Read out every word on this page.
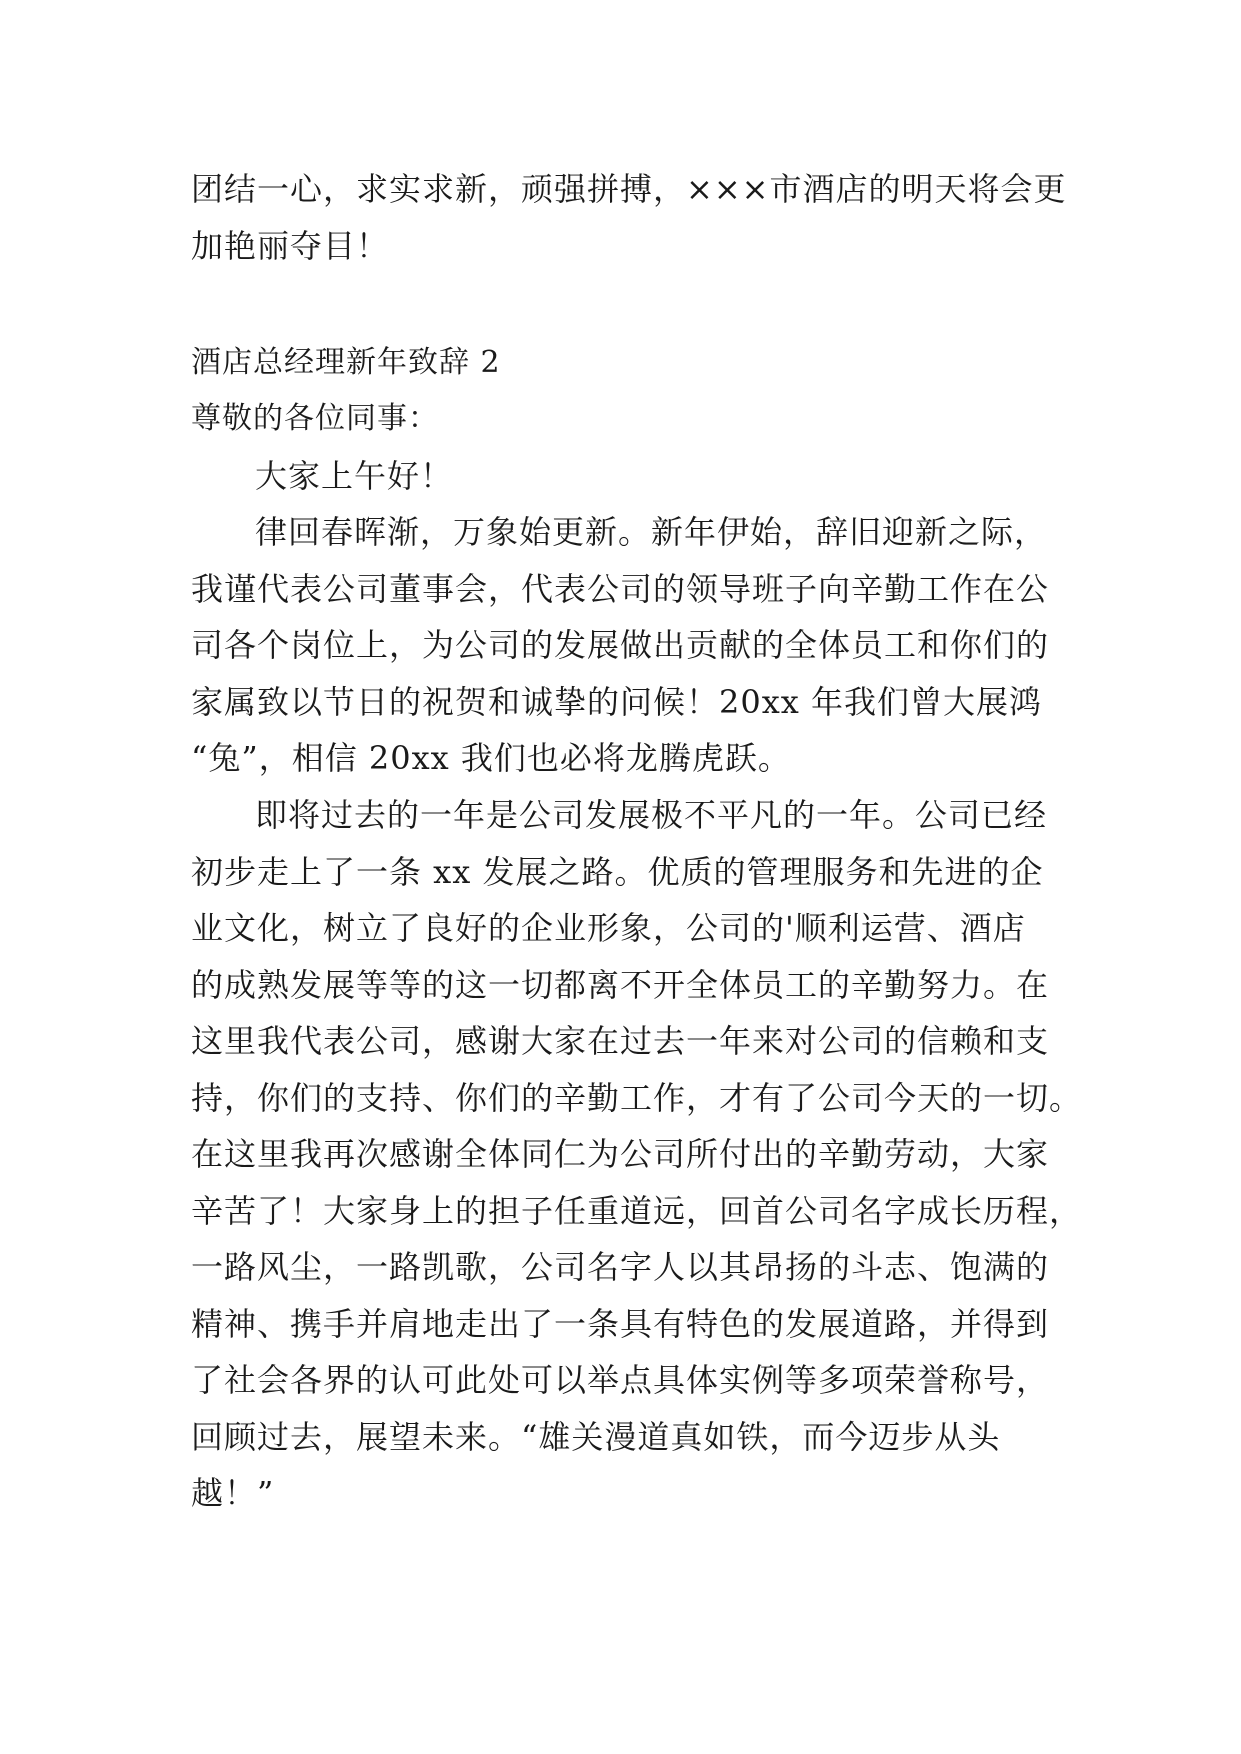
团结一心，求实求新，顽强拼搏，×××市酒店的明天将会更
加艳丽夺目！
酒店总经理新年致辞 2
尊敬的各位同事：
大家上午好！
律回春晖渐，万象始更新。新年伊始，辞旧迎新之际，
我谨代表公司董事会，代表公司的领导班子向辛勤工作在公
司各个岗位上，为公司的发展做出贡献的全体员工和你们的
家属致以节日的祝贺和诚挚的问候！20xx 年我们曾大展鸿
“兔”，相信 20xx 我们也必将龙腾虎跃。
即将过去的一年是公司发展极不平凡的一年。公司已经
初步走上了一条 xx 发展之路。优质的管理服务和先进的企
业文化，树立了良好的企业形象，公司的'顺利运营、酒店
的成熟发展等等的这一切都离不开全体员工的辛勤努力。在
这里我代表公司，感谢大家在过去一年来对公司的信赖和支
持，你们的支持、你们的辛勤工作，才有了公司今天的一切。
在这里我再次感谢全体同仁为公司所付出的辛勤劳动，大家
辛苦了！大家身上的担子任重道远，回首公司名字成长历程，
一路风尘，一路凯歌，公司名字人以其昂扬的斗志、饱满的
精神、携手并肩地走出了一条具有特色的发展道路，并得到
了社会各界的认可此处可以举点具体实例等多项荣誉称号，
回顾过去，展望未来。“雄关漫道真如铁，而今迈步从头
越！”
